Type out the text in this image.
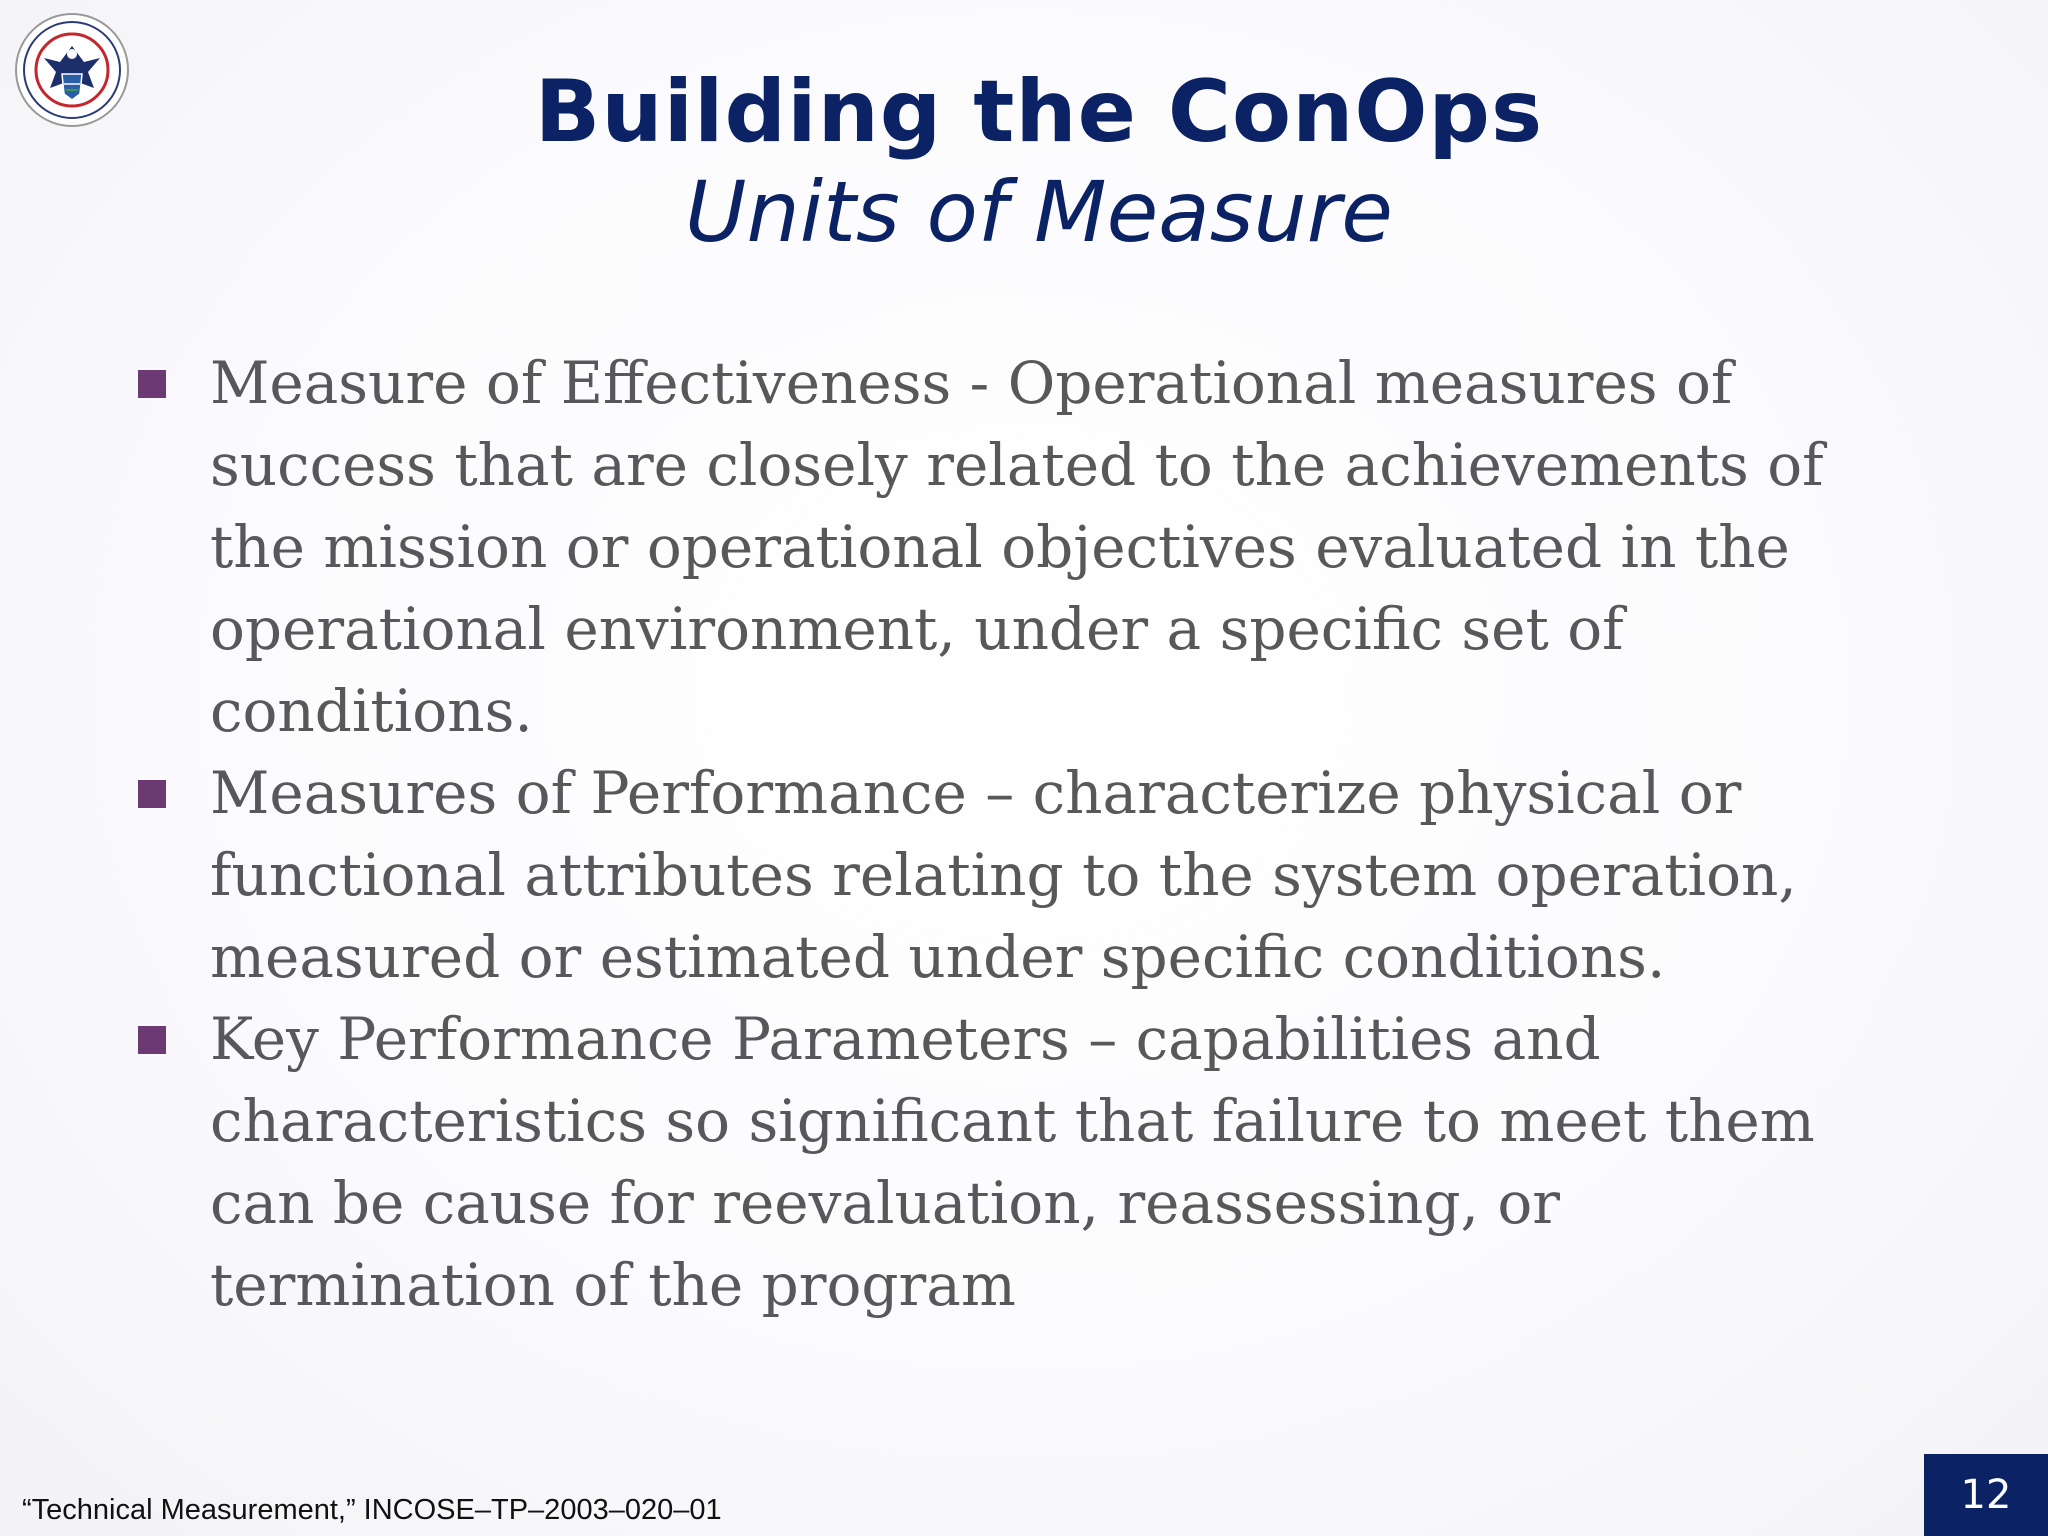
Building the ConOps
Units of Measure
Measure of Effectiveness - Operational measures of success that are closely related to the achievements of the mission or operational objectives evaluated in the operational environment, under a specific set of conditions.
Measures of Performance – characterize physical or functional attributes relating to the system operation, measured or estimated under specific conditions.
Key Performance Parameters – capabilities and characteristics so significant that failure to meet them can be cause for reevaluation, reassessing, or termination of the program
“Technical Measurement,” INCOSE–TP–2003–020–01	12
